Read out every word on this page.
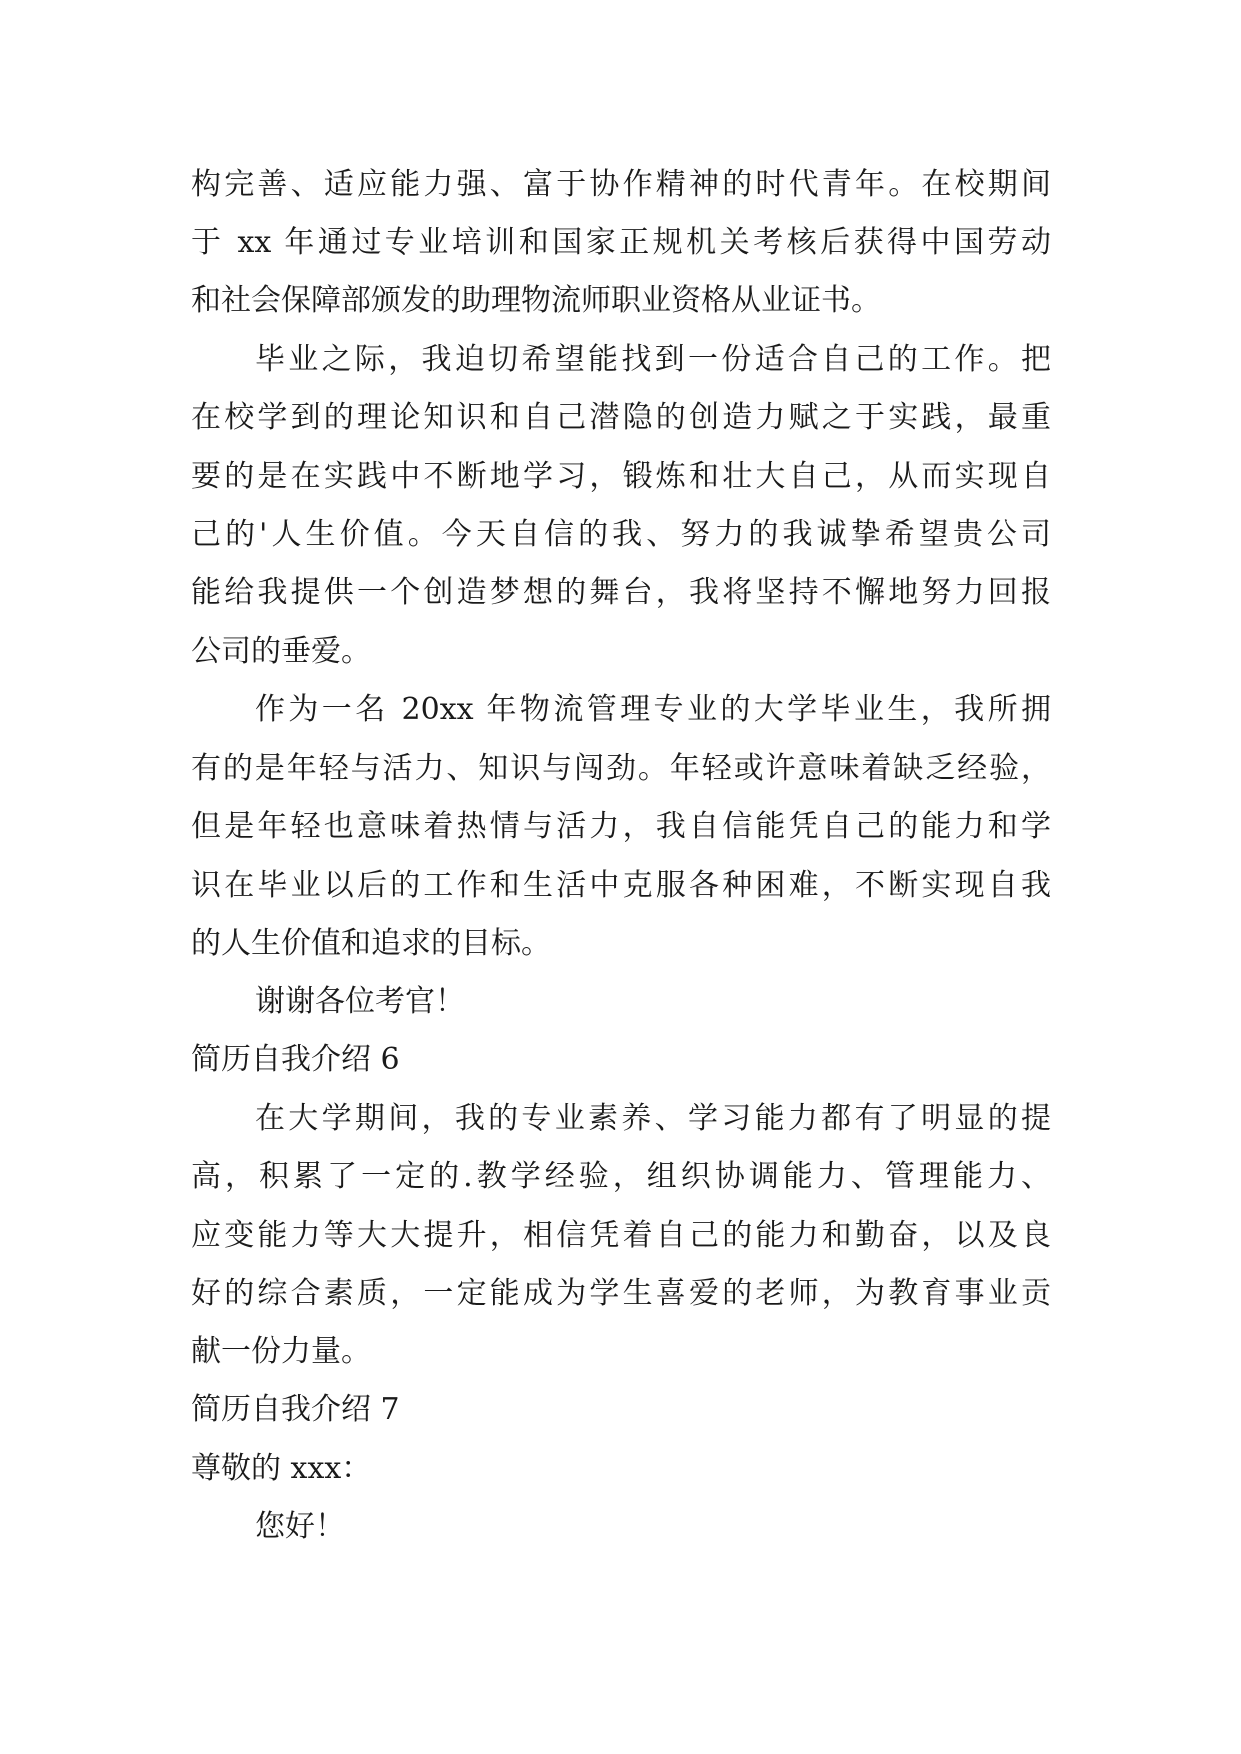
构完善、适应能力强、富于协作精神的时代青年。在校期间
于 xx 年通过专业培训和国家正规机关考核后获得中国劳动
和社会保障部颁发的助理物流师职业资格从业证书。
毕业之际，我迫切希望能找到一份适合自己的工作。把
在校学到的理论知识和自己潜隐的创造力赋之于实践，最重
要的是在实践中不断地学习，锻炼和壮大自己，从而实现自
己的'人生价值。今天自信的我、努力的我诚挚希望贵公司
能给我提供一个创造梦想的舞台，我将坚持不懈地努力回报
公司的垂爱。
作为一名 20xx 年物流管理专业的大学毕业生，我所拥
有的是年轻与活力、知识与闯劲。年轻或许意味着缺乏经验，
但是年轻也意味着热情与活力，我自信能凭自己的能力和学
识在毕业以后的工作和生活中克服各种困难，不断实现自我
的人生价值和追求的目标。
谢谢各位考官！
简历自我介绍 6
在大学期间，我的专业素养、学习能力都有了明显的提
高，积累了一定的.教学经验，组织协调能力、管理能力、
应变能力等大大提升，相信凭着自己的能力和勤奋，以及良
好的综合素质，一定能成为学生喜爱的老师，为教育事业贡
献一份力量。
简历自我介绍 7
尊敬的 xxx：
您好！
